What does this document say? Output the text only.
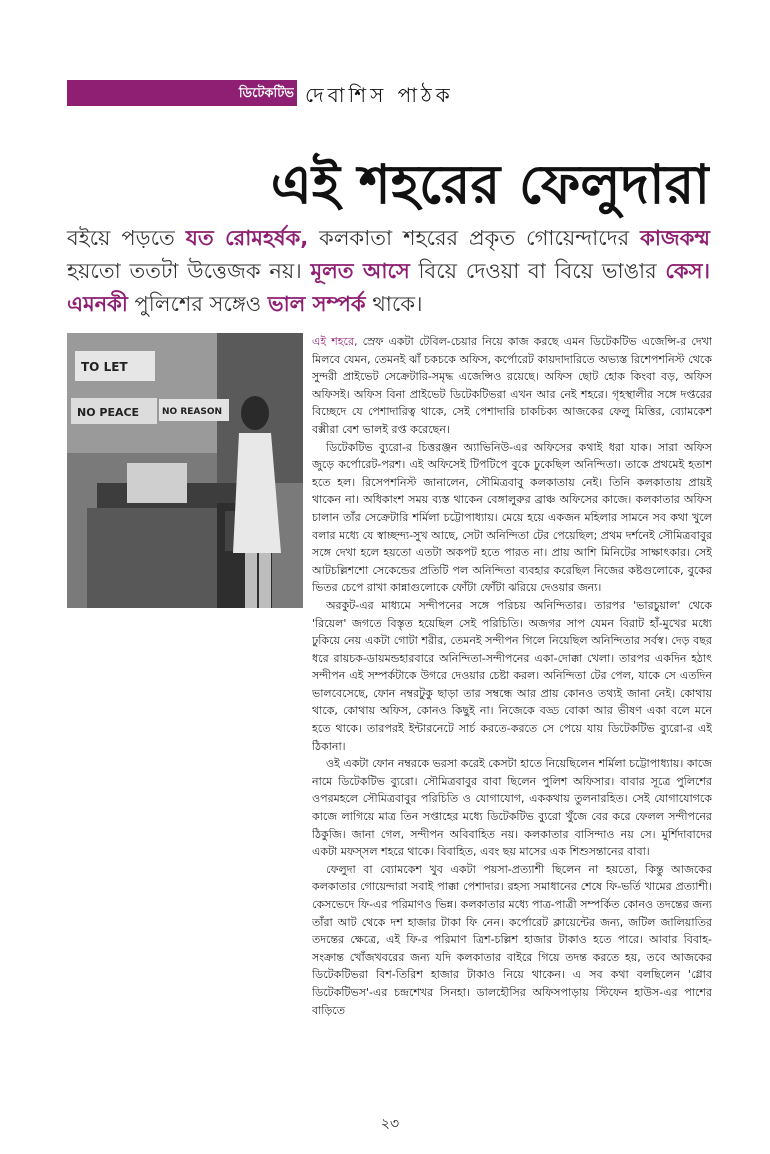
ডিটেকটিভ দেবাশিস পাঠক
এই শহরের ফেলুদারা
বইয়ে পড়তে যত রোমহর্ষক, কলকাতা শহরের প্রকৃত গোয়েন্দাদের কাজকম্ম হয়তো ততটা উত্তেজক নয়। মূলত আসে বিয়ে দেওয়া বা বিয়ে ভাঙার কেস। এমনকী পুলিশের সঙ্গেও ভাল সম্পর্ক থাকে।
TO LET
NO PEACE	NO REASON

এই শহরে, স্রেফ একটা টেবিল-চেয়ার নিয়ে কাজ করছে এমন ডিটেকটিভ এজেন্সি-র দেখা মিলবে যেমন, তেমনই ঝাঁ চকচকে অফিস, কর্পোরেট কায়দাদারিতে অভ্যস্ত রিশেপশনিস্ট থেকে সুন্দরী প্রাইভেট সেক্রেটারি-সমৃদ্ধ এজেন্সিও রয়েছে। অফিস ছোট হোক কিংবা বড়, অফিস অফিসই। অফিস বিনা প্রাইভেট ডিটেকটিভরা এখন আর নেই শহরে। গৃহস্থালীর সঙ্গে দপ্তরের বিচ্ছেদে যে পেশাদারিত্ব থাকে, সেই পেশাদারি চাকচিক্য আজকের ফেলু মিত্তির, ব্যোমকেশ বক্সীরা বেশ ভালই রপ্ত করেছেন।

ডিটেকটিভ ব্যুরো-র চিত্তরঞ্জন অ্যাভিনিউ-এর অফিসের কথাই ধরা যাক। সারা অফিস জুড়ে কর্পোরেট-পরশ। এই অফিসেই টিপটিপে বুকে ঢুকেছিল অনিন্দিতা। তাকে প্রথমেই হতাশ হতে হল। রিসেপশনিস্ট জানালেন, সৌমিত্রবাবু কলকাতায় নেই। তিনি কলকাতায় প্রায়ই থাকেন না। অধিকাংশ সময় ব্যস্ত থাকেন বেঙ্গালুরুর ব্রাঞ্চ অফিসের কাজে। কলকাতার অফিস চালান তাঁর সেক্রেটারি শর্মিলা চট্টোপাধ্যায়। মেয়ে হয়ে একজন মহিলার সামনে সব কথা খুলে বলার মধ্যে যে স্বাচ্ছন্দ্য-সুখ আছে, সেটা অনিন্দিতা টের পেয়েছিল; প্রথম দর্শনেই সৌমিত্রবাবুর সঙ্গে দেখা হলে হয়তো এতটা অকপট হতে পারত না। প্রায় আশি মিনিটের সাক্ষাৎকার। সেই আটচল্লিশশো সেকেন্ডের প্রতিটি পল অনিন্দিতা ব্যবহার করেছিল নিজের কষ্টগুলোকে, বুকের ভিতর চেপে রাখা কান্নাগুলোকে ফোঁটা ফোঁটা ঝরিয়ে দেওয়ার জন্য।

অরকুট-এর মাধ্যমে সন্দীপনের সঙ্গে পরিচয় অনিন্দিতার। তারপর 'ভারচুয়াল' থেকে 'রিয়েল' জগতে বিস্তৃত হয়েছিল সেই পরিচিতি। অজগর সাপ যেমন বিরাট হাঁ-মুখের মধ্যে ঢুকিয়ে নেয় একটা গোটা শরীর, তেমনই সন্দীপন গিলে নিয়েছিল অনিন্দিতার সর্বস্ব। দেড় বছর ধরে রায়চক-ডায়মন্ডহারবারে অনিন্দিতা-সন্দীপনের একা-দোক্কা খেলা। তারপর একদিন হঠাৎ সন্দীপন এই সম্পর্কটাকে উগরে দেওয়ার চেষ্টা করল। অনিন্দিতা টের পেল, যাকে সে এতদিন ভালবেসেছে, ফোন নম্বরটুকু ছাড়া তার সম্বন্ধে আর প্রায় কোনও তথ্যই জানা নেই। কোথায় থাকে, কোথায় অফিস, কোনও কিছুই না। নিজেকে বড্ড বোকা আর ভীষণ একা বলে মনে হতে থাকে। তারপরই ইন্টারনেটে সার্চ করতে-করতে সে পেয়ে যায় ডিটেকটিভ ব্যুরো-র এই ঠিকানা।

ওই একটা ফোন নম্বরকে ভরসা করেই কেসটা হাতে নিয়েছিলেন শর্মিলা চট্টোপাধ্যায়। কাজে নামে ডিটেকটিভ ব্যুরো। সৌমিত্রবাবুর বাবা ছিলেন পুলিশ অফিসার। বাবার সূত্রে পুলিশের ওপরমহলে সৌমিত্রবাবুর পরিচিতি ও যোগাযোগ, এককথায় তুলনারহিত। সেই যোগাযোগকে কাজে লাগিয়ে মাত্র তিন সপ্তাহের মধ্যে ডিটেকটিভ ব্যুরো খুঁজে বের করে ফেলল সন্দীপনের ঠিকুজি। জানা গেল, সন্দীপন অবিবাহিত নয়। কলকাতার বাসিন্দাও নয় সে। মুর্শিদাবাদের একটা মফস্সল শহরে থাকে। বিবাহিত, এবং ছয় মাসের এক শিশুসন্তানের বাবা।

ফেলুদা বা ব্যোমকেশ খুব একটা পয়সা-প্রত্যাশী ছিলেন না হয়তো, কিন্তু আজকের কলকাতার গোয়েন্দারা সবাই পাক্কা পেশাদার। রহস্য সমাধানের শেষে ফি-ভর্তি খামের প্রত্যাশী। কেসভেদে ফি-এর পরিমাণও ভিন্ন। কলকাতার মধ্যে পাত্র-পাত্রী সম্পর্কিত কোনও তদন্তের জন্য তাঁরা আট থেকে দশ হাজার টাকা ফি নেন। কর্পোরেট ক্লায়েন্টের জন্য, জটিল জালিয়াতির তদন্তের ক্ষেত্রে, এই ফি-র পরিমাণ ত্রিশ-চল্লিশ হাজার টাকাও হতে পারে। আবার বিবাহ-সংক্রান্ত খোঁজখবরের জন্য যদি কলকাতার বাইরে গিয়ে তদন্ত করতে হয়, তবে আজকের ডিটেকটিভরা বিশ-তিরিশ হাজার টাকাও নিয়ে থাকেন। এ সব কথা বলছিলেন 'গ্লোব ডিটেকটিভস'-এর চন্দ্রশেখর সিনহা। ডালহৌসির অফিসপাড়ায় স্টিফেন হাউস-এর পাশের বাড়িতে

২৩
